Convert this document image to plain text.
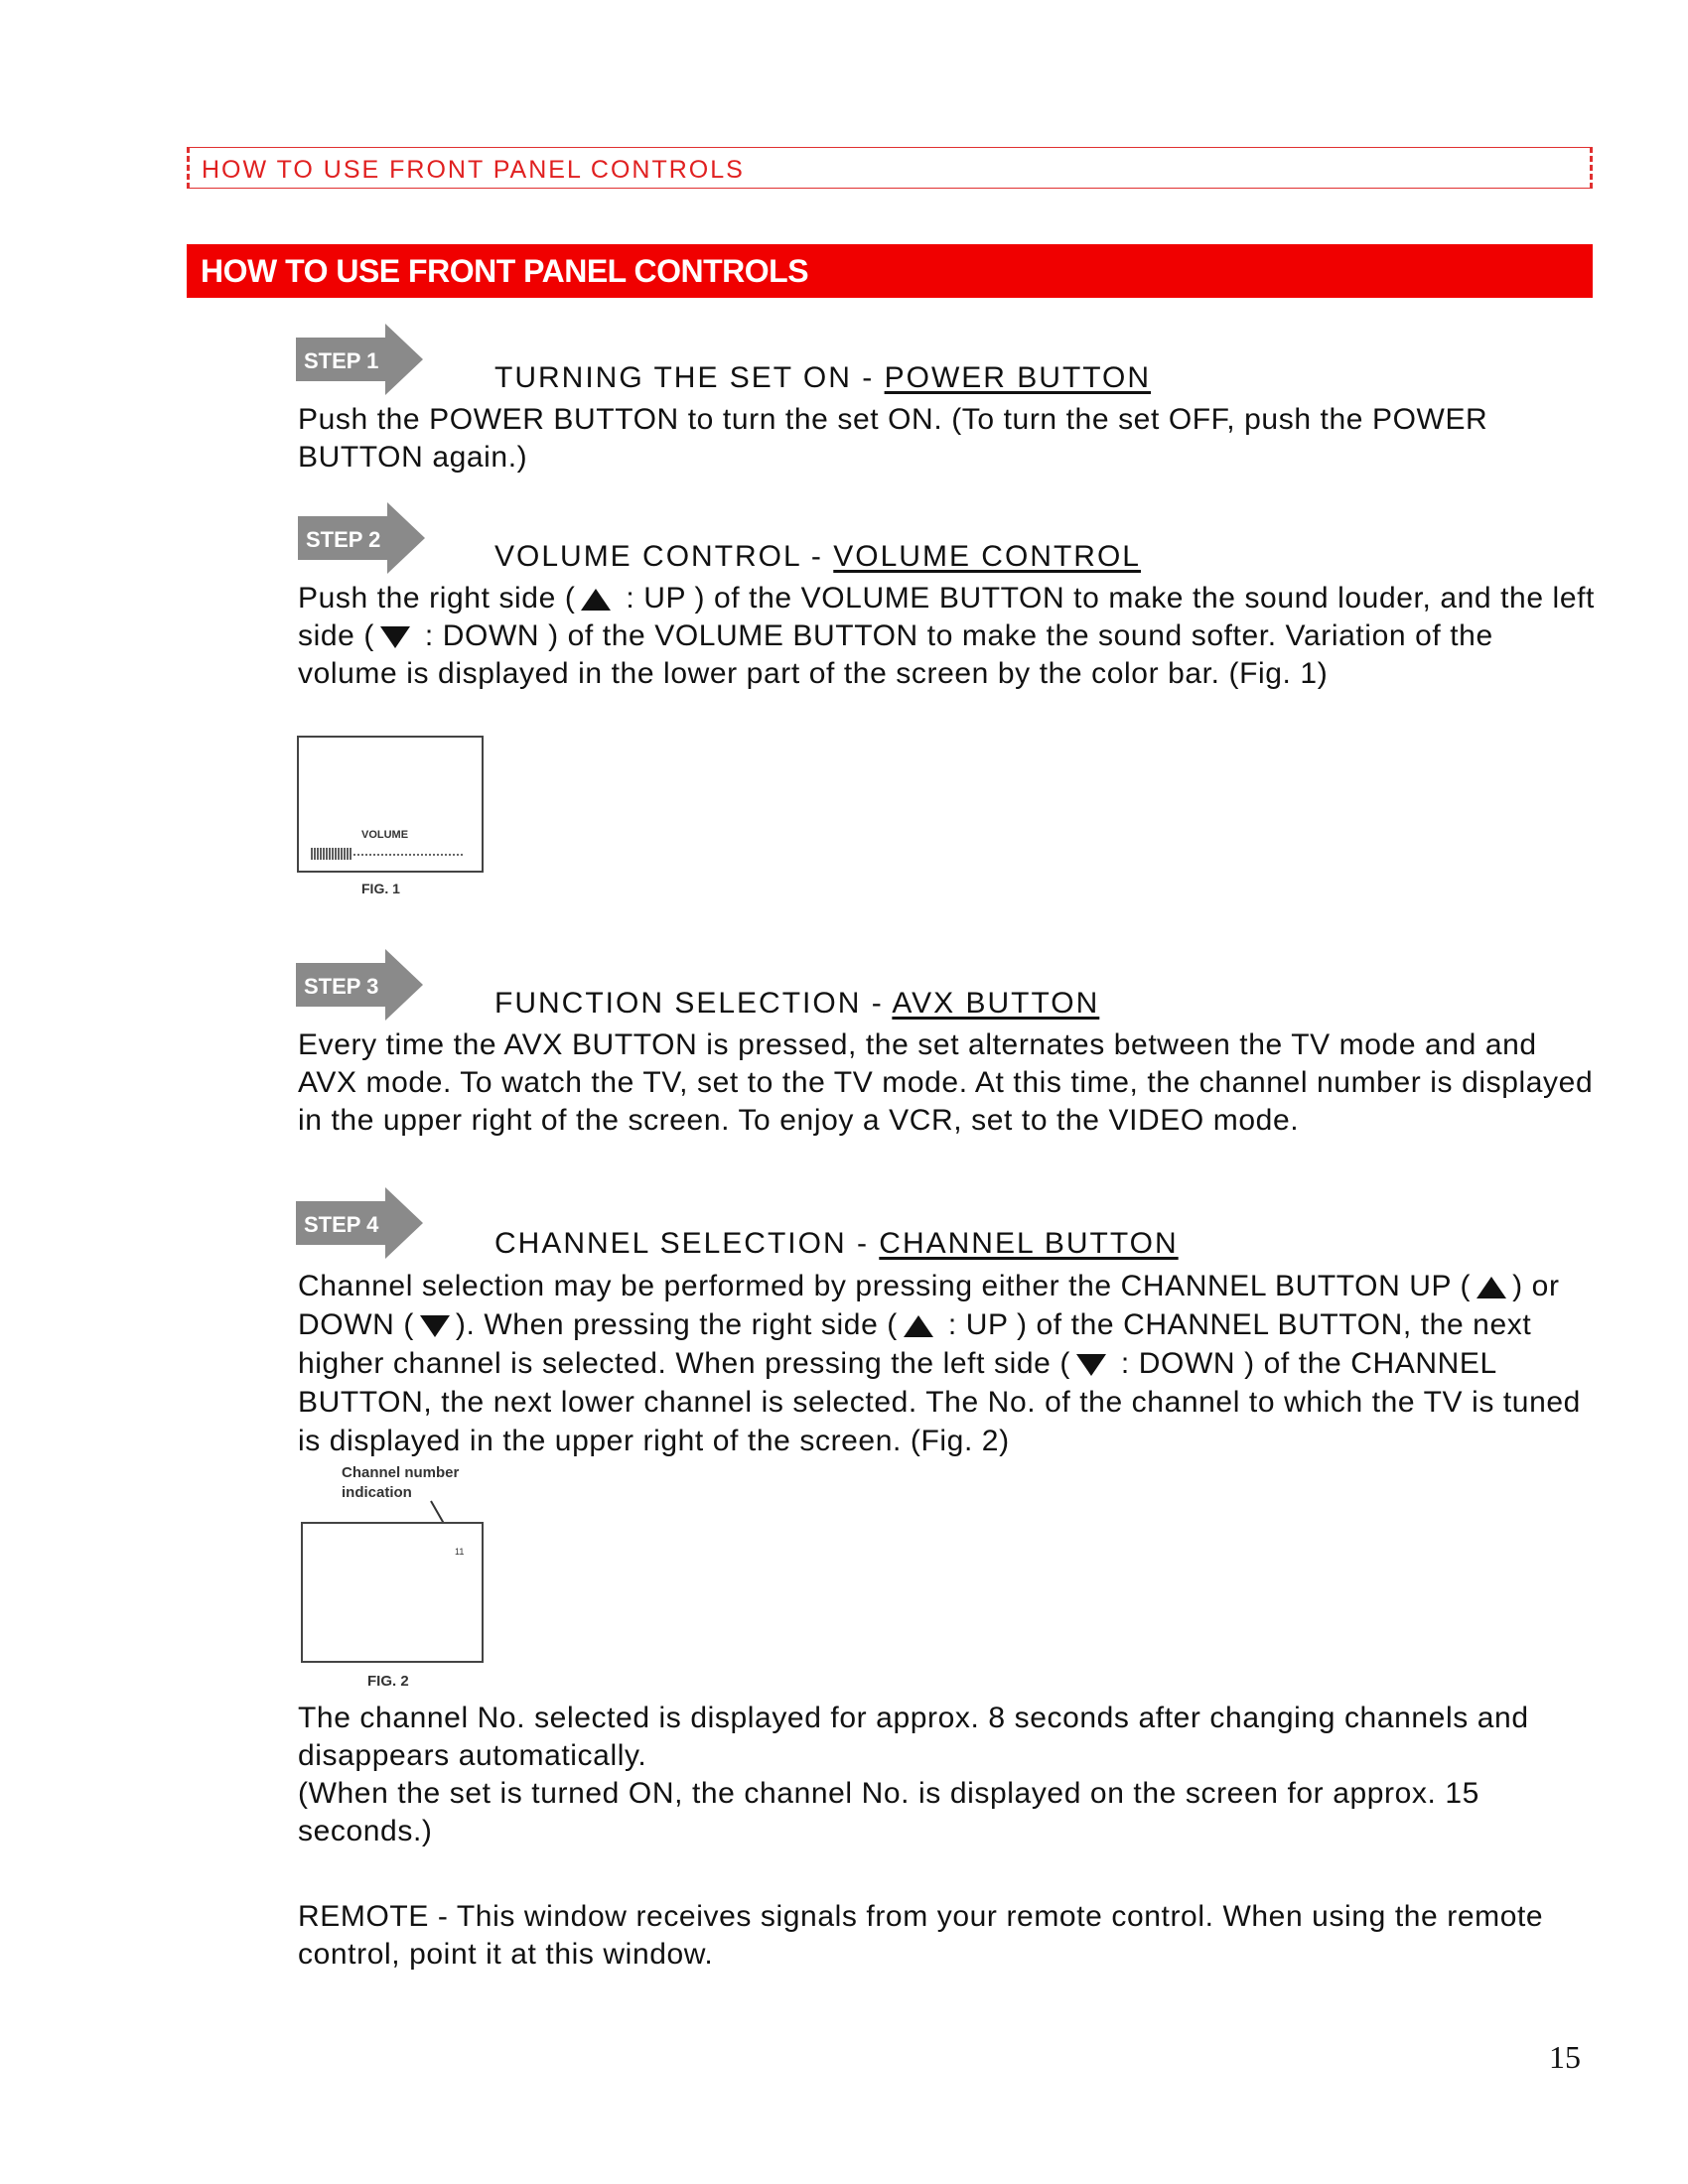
HOW TO USE FRONT PANEL CONTROLS
HOW TO USE FRONT PANEL CONTROLS
STEP 1
TURNING THE SET ON - POWER BUTTON
Push the POWER BUTTON to turn the set ON. (To turn the set OFF, push the POWER BUTTON again.)
STEP 2
VOLUME CONTROL - VOLUME CONTROL
Push the right side ( : UP ) of the VOLUME BUTTON to make the sound louder, and the left side ( : DOWN ) of the VOLUME BUTTON to make the sound softer. Variation of the volume is displayed in the lower part of the screen by the color bar. (Fig. 1)
VOLUME
FIG. 1
STEP 3
FUNCTION SELECTION - AVX BUTTON
Every time the AVX BUTTON is pressed, the set alternates between the TV mode and and AVX mode. To watch the TV, set to the TV mode. At this time, the channel number is displayed in the upper right of the screen. To enjoy a VCR, set to the VIDEO mode.
STEP 4
CHANNEL SELECTION - CHANNEL BUTTON
Channel selection may be performed by pressing either the CHANNEL BUTTON UP ( ) or DOWN ( ). When pressing the right side ( : UP ) of the CHANNEL BUTTON, the next higher channel is selected. When pressing the left side ( : DOWN ) of the CHANNEL BUTTON, the next lower channel is selected. The No. of the channel to which the TV is tuned is displayed in the upper right of the screen. (Fig. 2)
Channel number
indication
11
FIG. 2
The channel No. selected is displayed for approx. 8 seconds after changing channels and disappears automatically.
(When the set is turned ON, the channel No. is displayed on the screen for approx. 15 seconds.)
REMOTE - This window receives signals from your remote control. When using the remote control, point it at this window.
15
